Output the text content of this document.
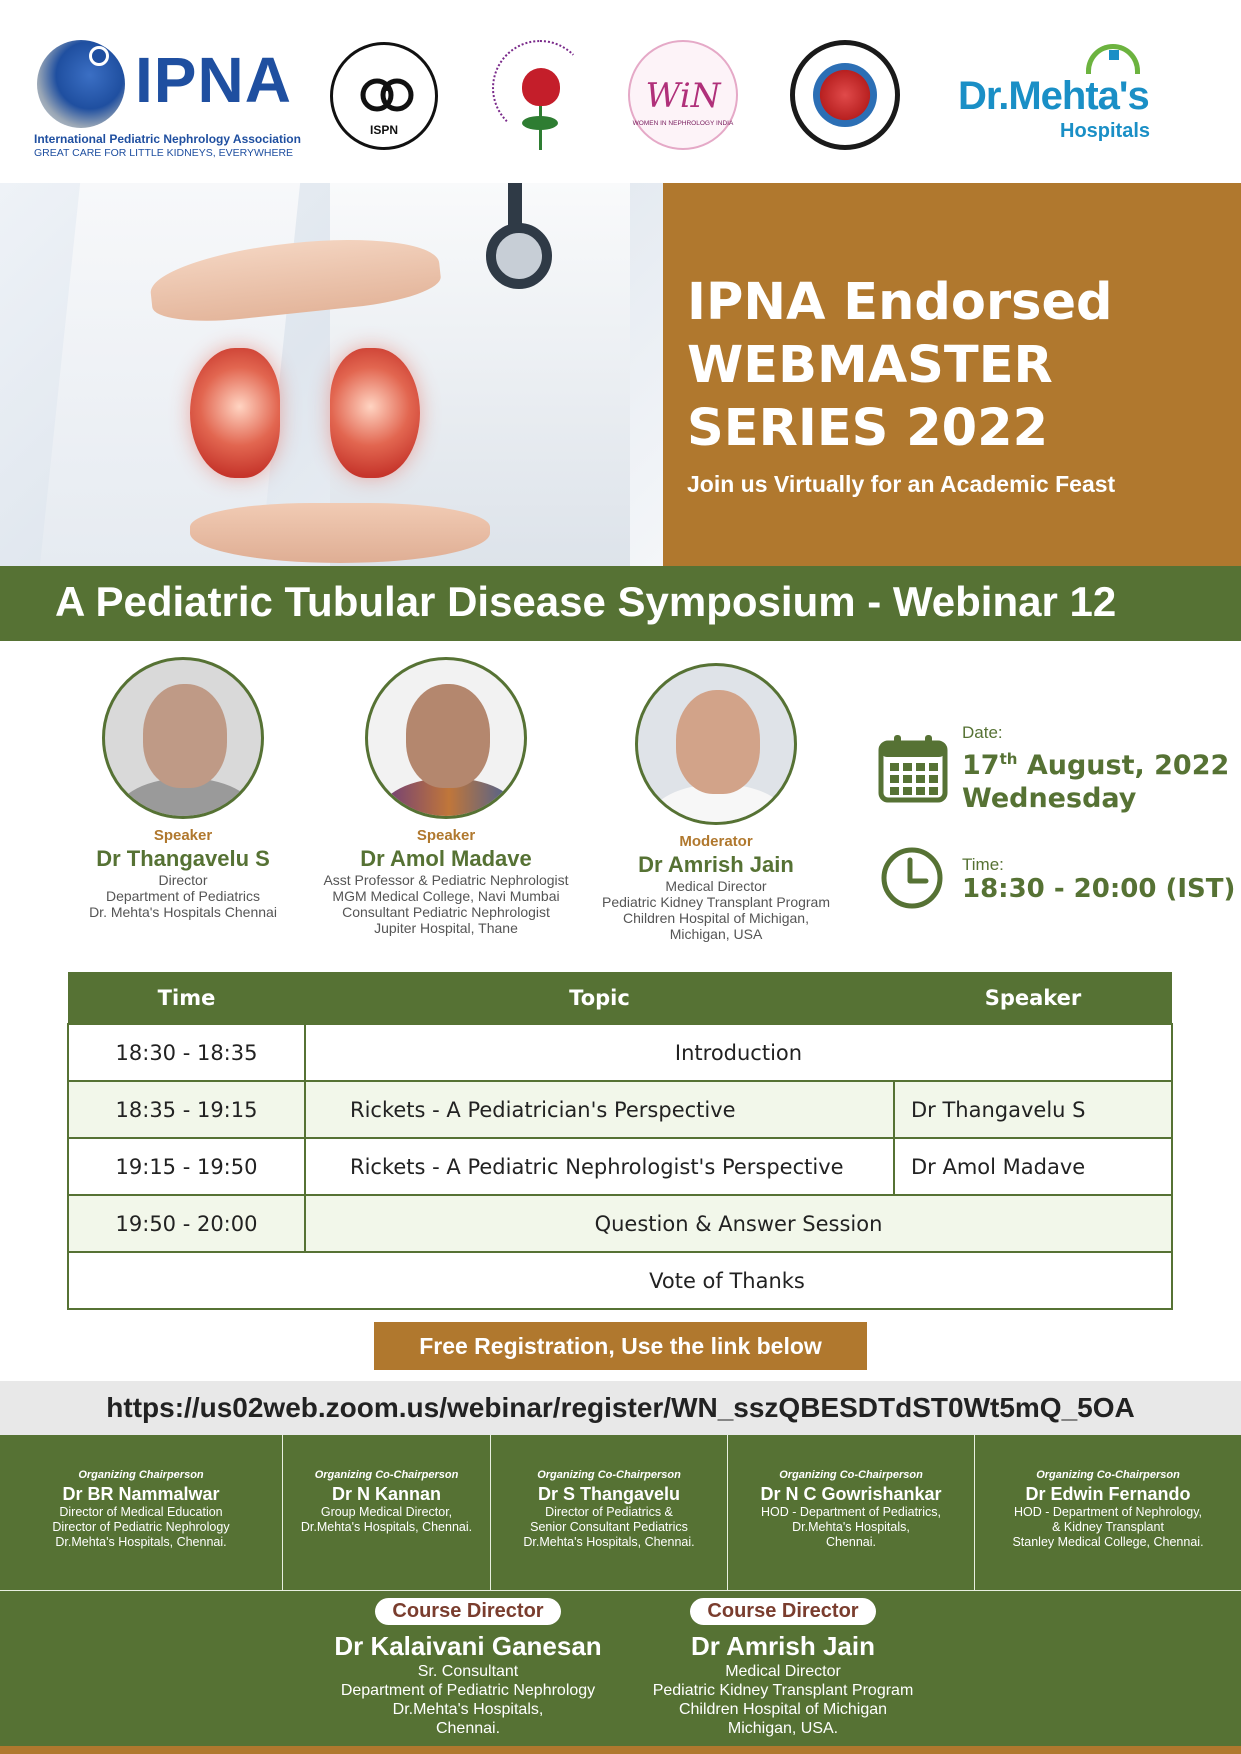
IPNA
International Pediatric Nephrology Association
GREAT CARE FOR LITTLE KIDNEYS, EVERYWHERE
ISPN
WiN
WOMEN IN NEPHROLOGY INDIA
Dr.Mehta's
Hospitals
IPNA Endorsed
WEBMASTER
SERIES 2022
Join us Virtually for an Academic Feast
A Pediatric Tubular Disease Symposium - Webinar 12
Speaker
Dr Thangavelu S
Director
Department of Pediatrics
Dr. Mehta's Hospitals Chennai
Speaker
Dr Amol Madave
Asst Professor & Pediatric Nephrologist
MGM Medical College, Navi Mumbai
Consultant Pediatric Nephrologist
Jupiter Hospital, Thane
Moderator
Dr Amrish Jain
Medical Director
Pediatric Kidney Transplant Program
Children Hospital of Michigan,
Michigan, USA
Date:
17th August, 2022
Wednesday
Time:
18:30 - 20:00 (IST)
Time	Topic	Speaker
18:30 - 18:35	Introduction	
18:35 - 19:15	Rickets - A Pediatrician's Perspective	Dr Thangavelu S
19:15 - 19:50	Rickets - A Pediatric Nephrologist's Perspective	Dr Amol Madave
19:50 - 20:00	Question & Answer Session	
Vote of Thanks		
Free Registration, Use the link below
https://us02web.zoom.us/webinar/register/WN_sszQBESDTdST0Wt5mQ_5OA
Organizing Chairperson
Dr BR Nammalwar
Director of Medical Education
Director of Pediatric Nephrology
Dr.Mehta's Hospitals, Chennai.
Organizing Co-Chairperson
Dr N Kannan
Group Medical Director,
Dr.Mehta's Hospitals, Chennai.
Organizing Co-Chairperson
Dr S Thangavelu
Director of Pediatrics &
Senior Consultant Pediatrics
Dr.Mehta's Hospitals, Chennai.
Organizing Co-Chairperson
Dr N C Gowrishankar
HOD - Department of Pediatrics,
Dr.Mehta's Hospitals,
Chennai.
Organizing Co-Chairperson
Dr Edwin Fernando
HOD - Department of Nephrology,
& Kidney Transplant
Stanley Medical College, Chennai.
Course Director
Dr Kalaivani Ganesan
Sr. Consultant
Department of Pediatric Nephrology
Dr.Mehta's Hospitals,
Chennai.
Course Director
Dr Amrish Jain
Medical Director
Pediatric Kidney Transplant Program
Children Hospital of Michigan
Michigan, USA.
